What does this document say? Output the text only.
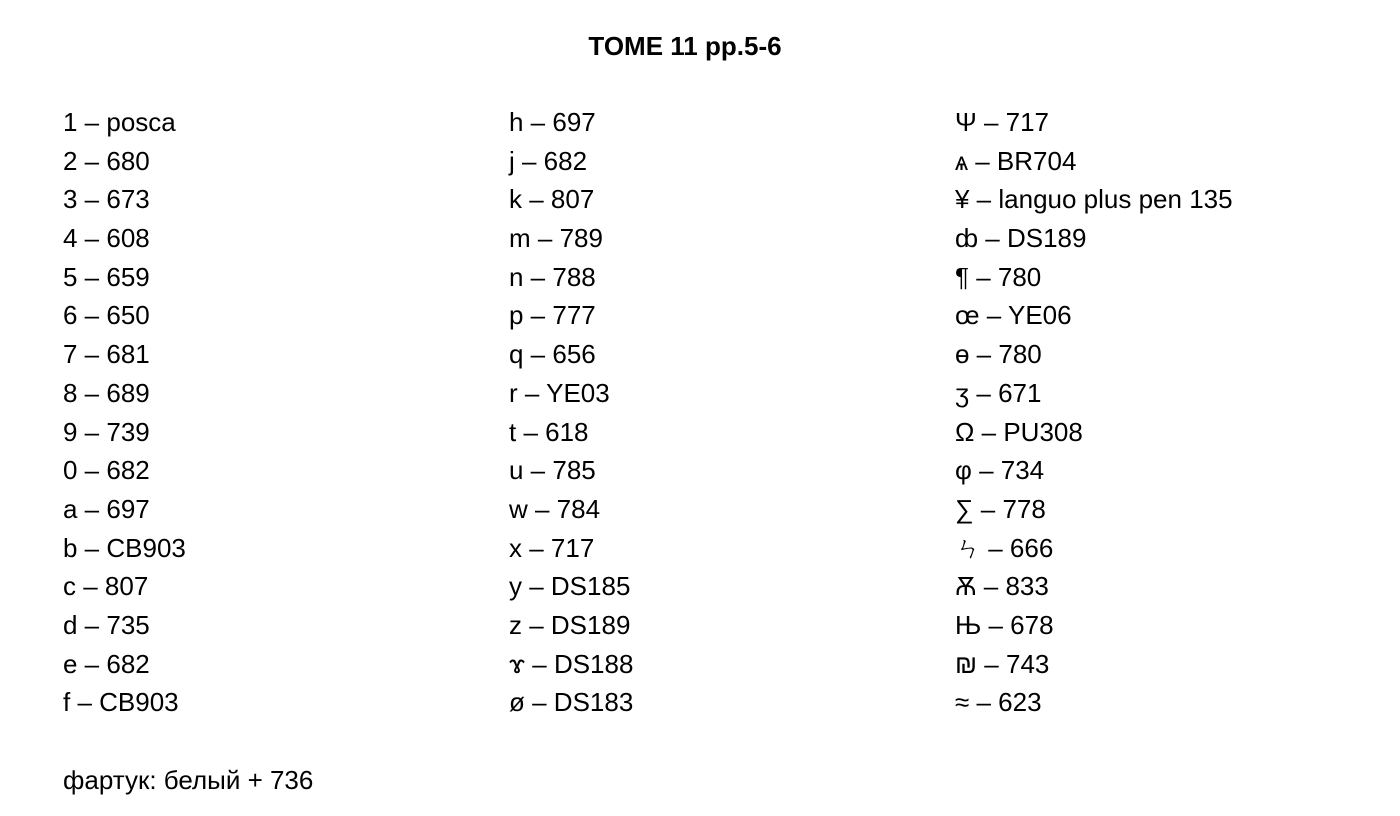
TOME 11 pp.5-6
1 – posca
2 – 680
3 – 673
4 – 608
5 – 659
6 – 650
7 – 681
8 – 689
9 – 739
0 – 682
a – 697
b – CB903
c – 807
d – 735
e – 682
f – CB903
h – 697
j – 682
k – 807
m – 789
n – 788
p – 777
q – 656
r – YE03
t – 618
u – 785
w – 784
x – 717
y – DS185
z – DS189
ɤ – DS188
ø – DS183
Ψ – 717
ѧ – BR704
¥ – languo plus pen 135
ȸ – DS189
¶ – 780
œ – YE06
ɵ – 780
ʒ – 671
Ω – PU308
φ – 734
∑ – 778
ㄣ – 666
Ѫ – 833
Њ – 678
₪ – 743
≈ – 623
фартук: белый + 736
